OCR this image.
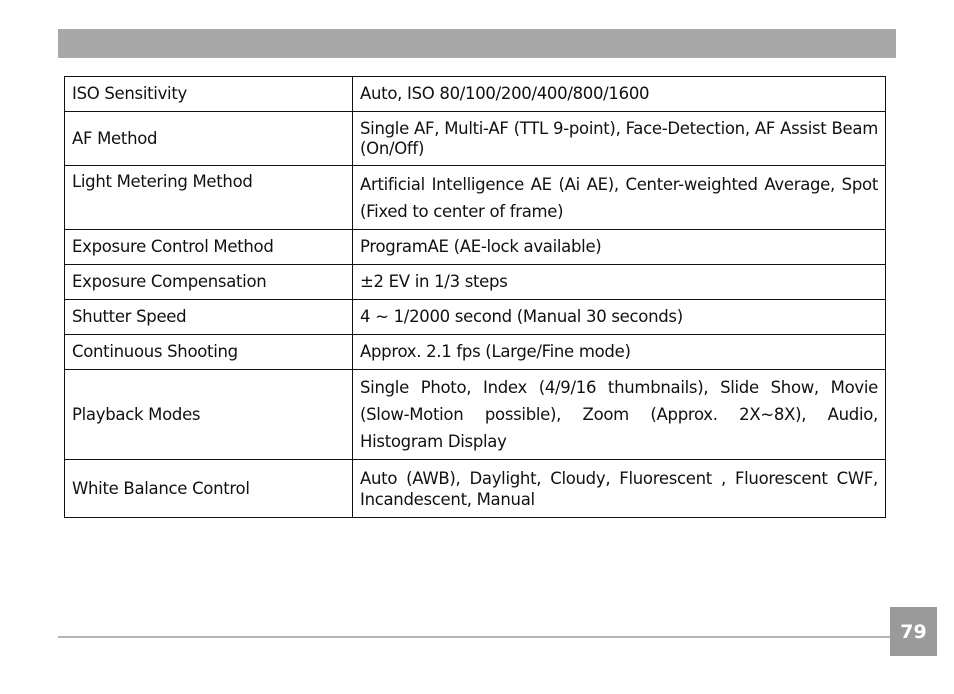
ISO Sensitivity	Auto, ISO 80/100/200/400/800/1600
AF Method	Single AF, Multi-AF (TTL 9-point), Face-Detection, AF Assist Beam (On/Off)
Light Metering Method	Artificial Intelligence AE (Ai AE), Center-weighted Average, Spot (Fixed to center of frame)
Exposure Control Method	ProgramAE (AE-lock available)
Exposure Compensation	±2 EV in 1/3 steps
Shutter Speed	4 ~ 1/2000 second (Manual 30 seconds)
Continuous Shooting	Approx. 2.1 fps (Large/Fine mode)
Playback Modes	Single Photo, Index (4/9/16 thumbnails), Slide Show, Movie (Slow-Motion possible), Zoom (Approx. 2X~8X), Audio, Histogram Display
White Balance Control	Auto (AWB), Daylight, Cloudy, Fluorescent , Fluorescent CWF, Incandescent, Manual
79
